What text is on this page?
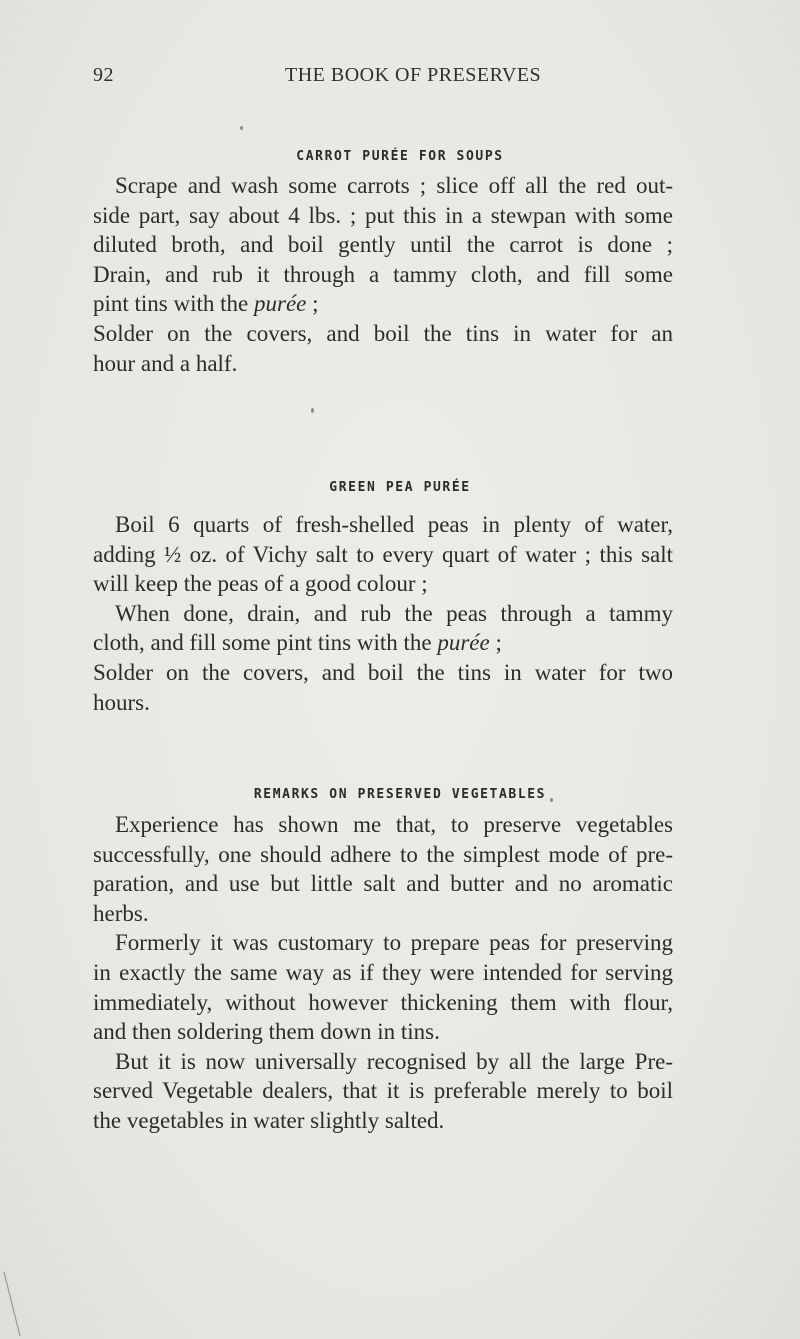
92	THE BOOK OF PRESERVES
CARROT PURÉE FOR SOUPS
Scrape and wash some carrots ; slice off all the red out-
side part, say about 4 lbs. ; put this in a stewpan with some
diluted broth, and boil gently until the carrot is done ;
Drain, and rub it through a tammy cloth, and fill some
pint tins with the purée ;
Solder on the covers, and boil the tins in water for an
hour and a half.
GREEN PEA PURÉE
Boil 6 quarts of fresh-shelled peas in plenty of water,
adding ½ oz. of Vichy salt to every quart of water ; this salt
will keep the peas of a good colour ;
When done, drain, and rub the peas through a tammy
cloth, and fill some pint tins with the purée ;
Solder on the covers, and boil the tins in water for two
hours.
REMARKS ON PRESERVED VEGETABLES
Experience has shown me that, to preserve vegetables
successfully, one should adhere to the simplest mode of pre-
paration, and use but little salt and butter and no aromatic
herbs.
Formerly it was customary to prepare peas for preserving
in exactly the same way as if they were intended for serving
immediately, without however thickening them with flour,
and then soldering them down in tins.
But it is now universally recognised by all the large Pre-
served Vegetable dealers, that it is preferable merely to boil
the vegetables in water slightly salted.
